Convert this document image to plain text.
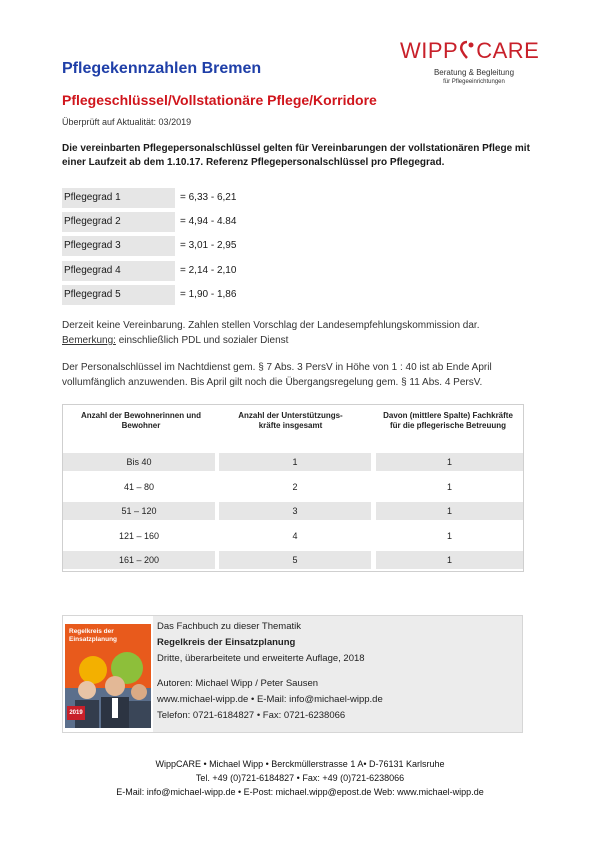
WIPP CARE
Beratung & Begleitung
für Pflegeeinrichtungen
Pflegekennzahlen Bremen
Pflegeschlüssel/Vollstationäre Pflege/Korridore
Überprüft auf Aktualität: 03/2019
Die vereinbarten Pflegepersonalschlüssel gelten für Vereinbarungen der vollstationären Pflege mit einer Laufzeit ab dem 1.10.17. Referenz Pflegepersonalschlüssel pro Pflegegrad.
Pflegegrad 1	= 6,33 - 6,21
Pflegegrad 2	= 4,94 - 4.84
Pflegegrad 3	= 3,01 - 2,95
Pflegegrad 4	= 2,14 - 2,10
Pflegegrad 5	= 1,90 - 1,86
Derzeit keine Vereinbarung. Zahlen stellen Vorschlag der Landesempfehlungskommission dar.
Bemerkung: einschließlich PDL und sozialer Dienst
Der Personalschlüssel im Nachtdienst gem. § 7 Abs. 3 PersV in Höhe von 1 : 40 ist ab Ende April vollumfänglich anzuwenden. Bis April gilt noch die Übergangsregelung gem. § 11 Abs. 4 PersV.
Anzahl der Bewohnerinnen und Bewohner
Anzahl der Unterstützungs-kräfte insgesamt
Davon (mittlere Spalte) Fachkräfte für die pflegerische Betreuung
Bis 40	1	1
41 – 80	2	1
51 – 120	3	1
121 – 160	4	1
161 – 200	5	1
Regelkreis der Einsatzplanung
2019
Das Fachbuch zu dieser Thematik
Regelkreis der Einsatzplanung
Dritte, überarbeitete und erweiterte Auflage, 2018
Autoren: Michael Wipp / Peter Sausen
www.michael-wipp.de • E-Mail: info@michael-wipp.de
Telefon: 0721-6184827 • Fax: 0721-6238066
WippCARE • Michael Wipp • Berckmüllerstrasse 1 A• D-76131 Karlsruhe
Tel. +49 (0)721-6184827 • Fax: +49 (0)721-6238066
E-Mail: info@michael-wipp.de • E-Post: michael.wipp@epost.de Web: www.michael-wipp.de
